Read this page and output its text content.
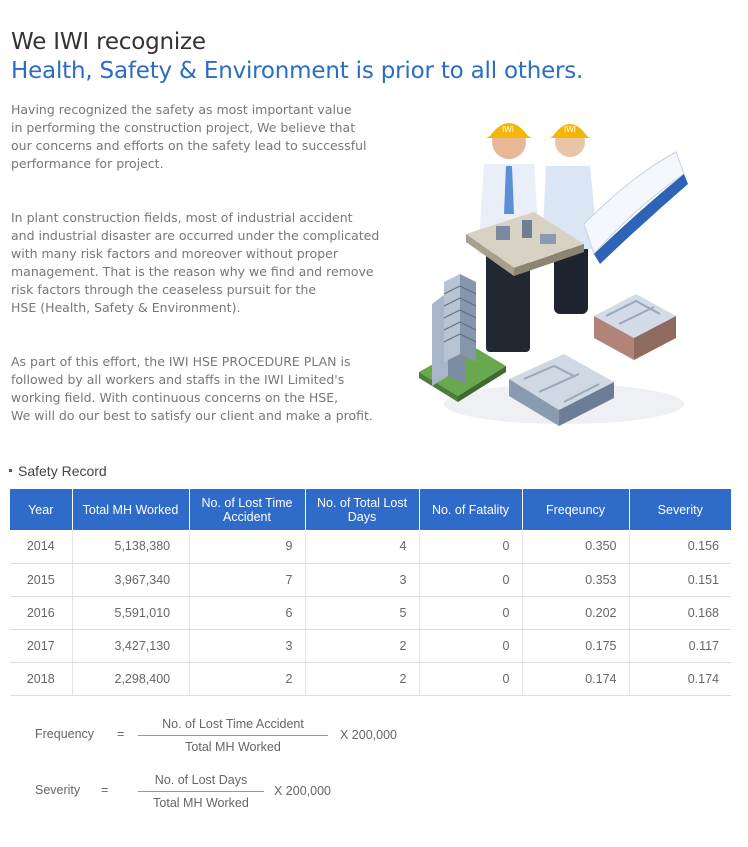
We IWI recognize
Health, Safety & Environment is prior to all others.

Having recognized the safety as most important value
in performing the construction project, We believe that
our concerns and efforts on the safety lead to successful
performance for project.

In plant construction fields, most of industrial accident
and industrial disaster are occurred under the complicated
with many risk factors and moreover without proper
management. That is the reason why we find and remove
risk factors through the ceaseless pursuit for the
HSE (Health, Safety & Environment).

As part of this effort, the IWI HSE PROCEDURE PLAN is
followed by all workers and staffs in the IWI Limited's
working field. With continuous concerns on the HSE,
We will do our best to satisfy our client and make a profit.

IWI	IWI
Safety Record
Year	Total MH Worked	No. of Lost Time Accident	No. of Total Lost Days	No. of Fatality	Freqeuncy	Severity
2014	5,138,380	9	4	0	0.350	0.156
2015	3,967,340	7	3	0	0.353	0.151
2016	5,591,010	6	5	0	0.202	0.168
2017	3,427,130	3	2	0	0.175	0.117
2018	2,298,400	2	2	0	0.174	0.174
Frequency =
No. of Lost Time Accident
Total MH Worked
X 200,000
Severity =
No. of Lost Days
Total MH Worked
X 200,000
